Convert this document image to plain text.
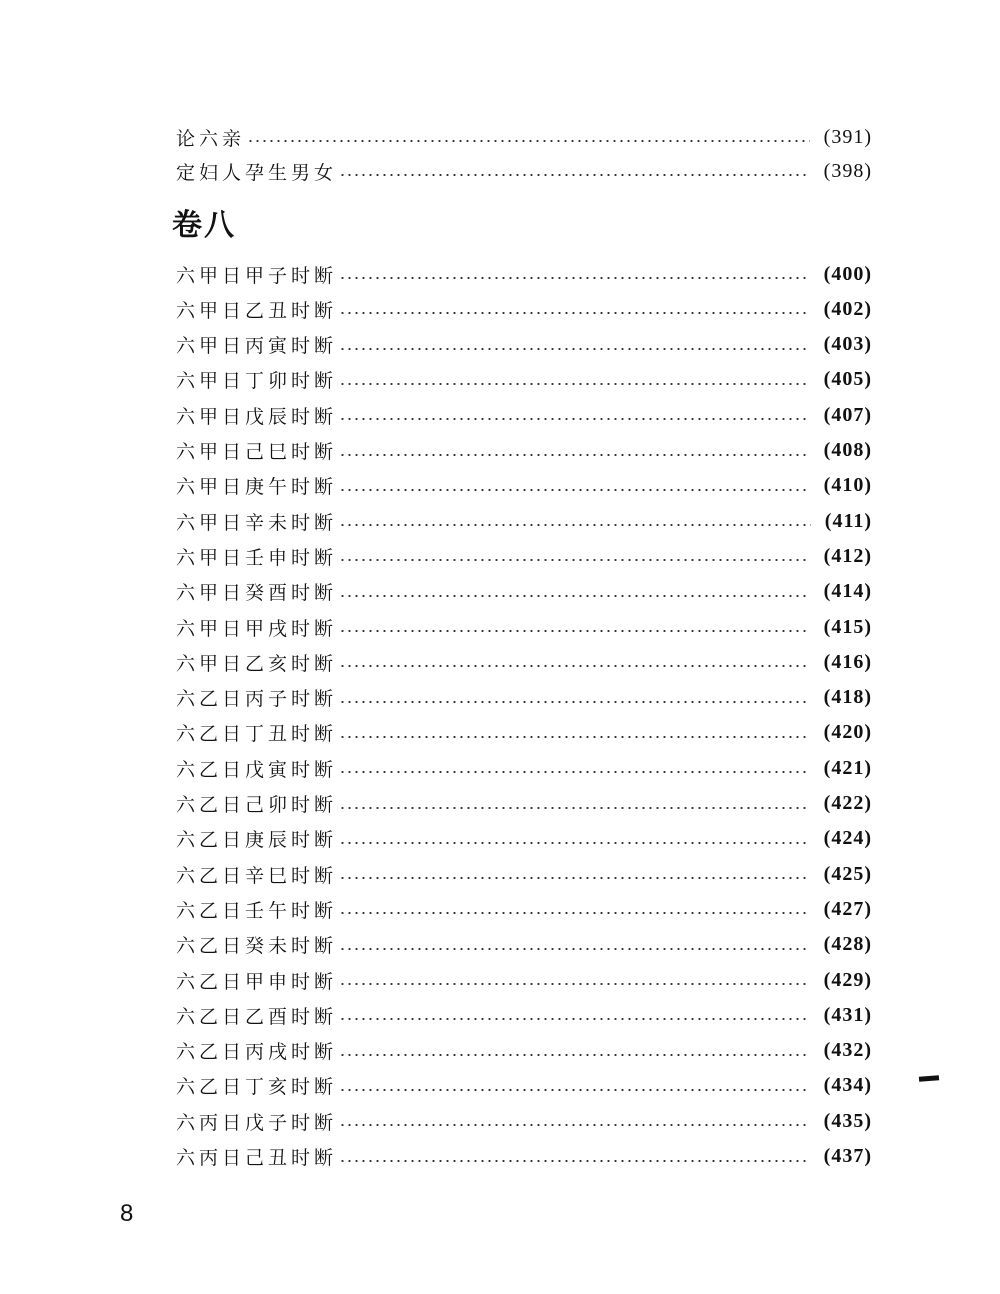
论六亲	(391)
定妇人孕生男女	(398)
卷八
六甲日甲子时断	(400)
六甲日乙丑时断	(402)
六甲日丙寅时断	(403)
六甲日丁卯时断	(405)
六甲日戊辰时断	(407)
六甲日己巳时断	(408)
六甲日庚午时断	(410)
六甲日辛未时断	(411)
六甲日壬申时断	(412)
六甲日癸酉时断	(414)
六甲日甲戌时断	(415)
六甲日乙亥时断	(416)
六乙日丙子时断	(418)
六乙日丁丑时断	(420)
六乙日戊寅时断	(421)
六乙日己卯时断	(422)
六乙日庚辰时断	(424)
六乙日辛巳时断	(425)
六乙日壬午时断	(427)
六乙日癸未时断	(428)
六乙日甲申时断	(429)
六乙日乙酉时断	(431)
六乙日丙戌时断	(432)
六乙日丁亥时断	(434)
六丙日戊子时断	(435)
六丙日己丑时断	(437)
8
